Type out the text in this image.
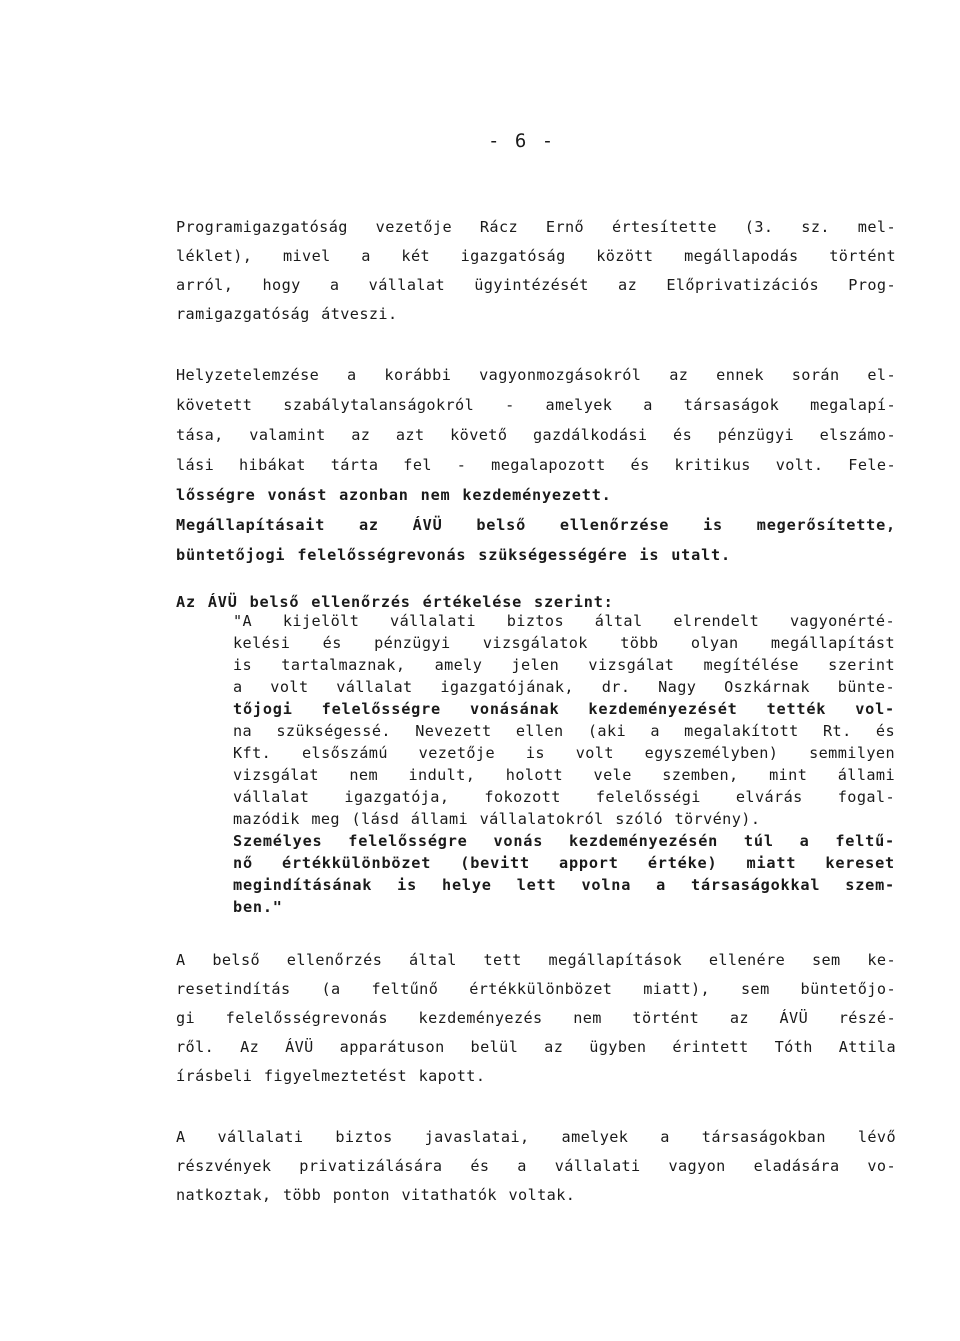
- 6 -
Programigazgatóság vezetője Rácz Ernő értesítette (3. sz. mel-
léklet), mivel a két igazgatóság között megállapodás történt
arról, hogy a vállalat ügyintézését az Előprivatizációs Prog-
ramigazgatóság átveszi.
Helyzetelemzése a korábbi vagyonmozgásokról az ennek során el-
követett szabálytalanságokról - amelyek a társaságok megalapí-
tása, valamint az azt követő gazdálkodási és pénzügyi elszámo-
lási hibákat tárta fel - megalapozott és kritikus volt. Fele-
lősségre vonást azonban nem kezdeményezett.
Megállapításait az ÁVÜ belső ellenőrzése is megerősítette,
büntetőjogi felelősségrevonás szükségességére is utalt.
Az ÁVÜ belső ellenőrzés értékelése szerint:
"A kijelölt vállalati biztos által elrendelt vagyonérté-
kelési és pénzügyi vizsgálatok több olyan megállapítást
is tartalmaznak, amely jelen vizsgálat megítélése szerint
a volt vállalat igazgatójának, dr. Nagy Oszkárnak bünte-
tőjogi felelősségre vonásának kezdeményezését tették vol-
na szükségessé. Nevezett ellen (aki a megalakított Rt. és
Kft. elsőszámú vezetője is volt egyszemélyben) semmilyen
vizsgálat nem indult, holott vele szemben, mint állami
vállalat igazgatója, fokozott felelősségi elvárás fogal-
mazódik meg (lásd állami vállalatokról szóló törvény).
Személyes felelősségre vonás kezdeményezésén túl a feltű-
nő értékkülönbözet (bevitt apport értéke) miatt kereset
megindításának is helye lett volna a társaságokkal szem-
ben."
A belső ellenőrzés által tett megállapítások ellenére sem ke-
resetindítás (a feltűnő értékkülönbözet miatt), sem büntetőjo-
gi felelősségrevonás kezdeményezés nem történt az ÁVÜ részé-
ről. Az ÁVÜ apparátuson belül az ügyben érintett Tóth Attila
írásbeli figyelmeztetést kapott.
A vállalati biztos javaslatai, amelyek a társaságokban lévő
részvények privatizálására és a vállalati vagyon eladására vo-
natkoztak, több ponton vitathatók voltak.
